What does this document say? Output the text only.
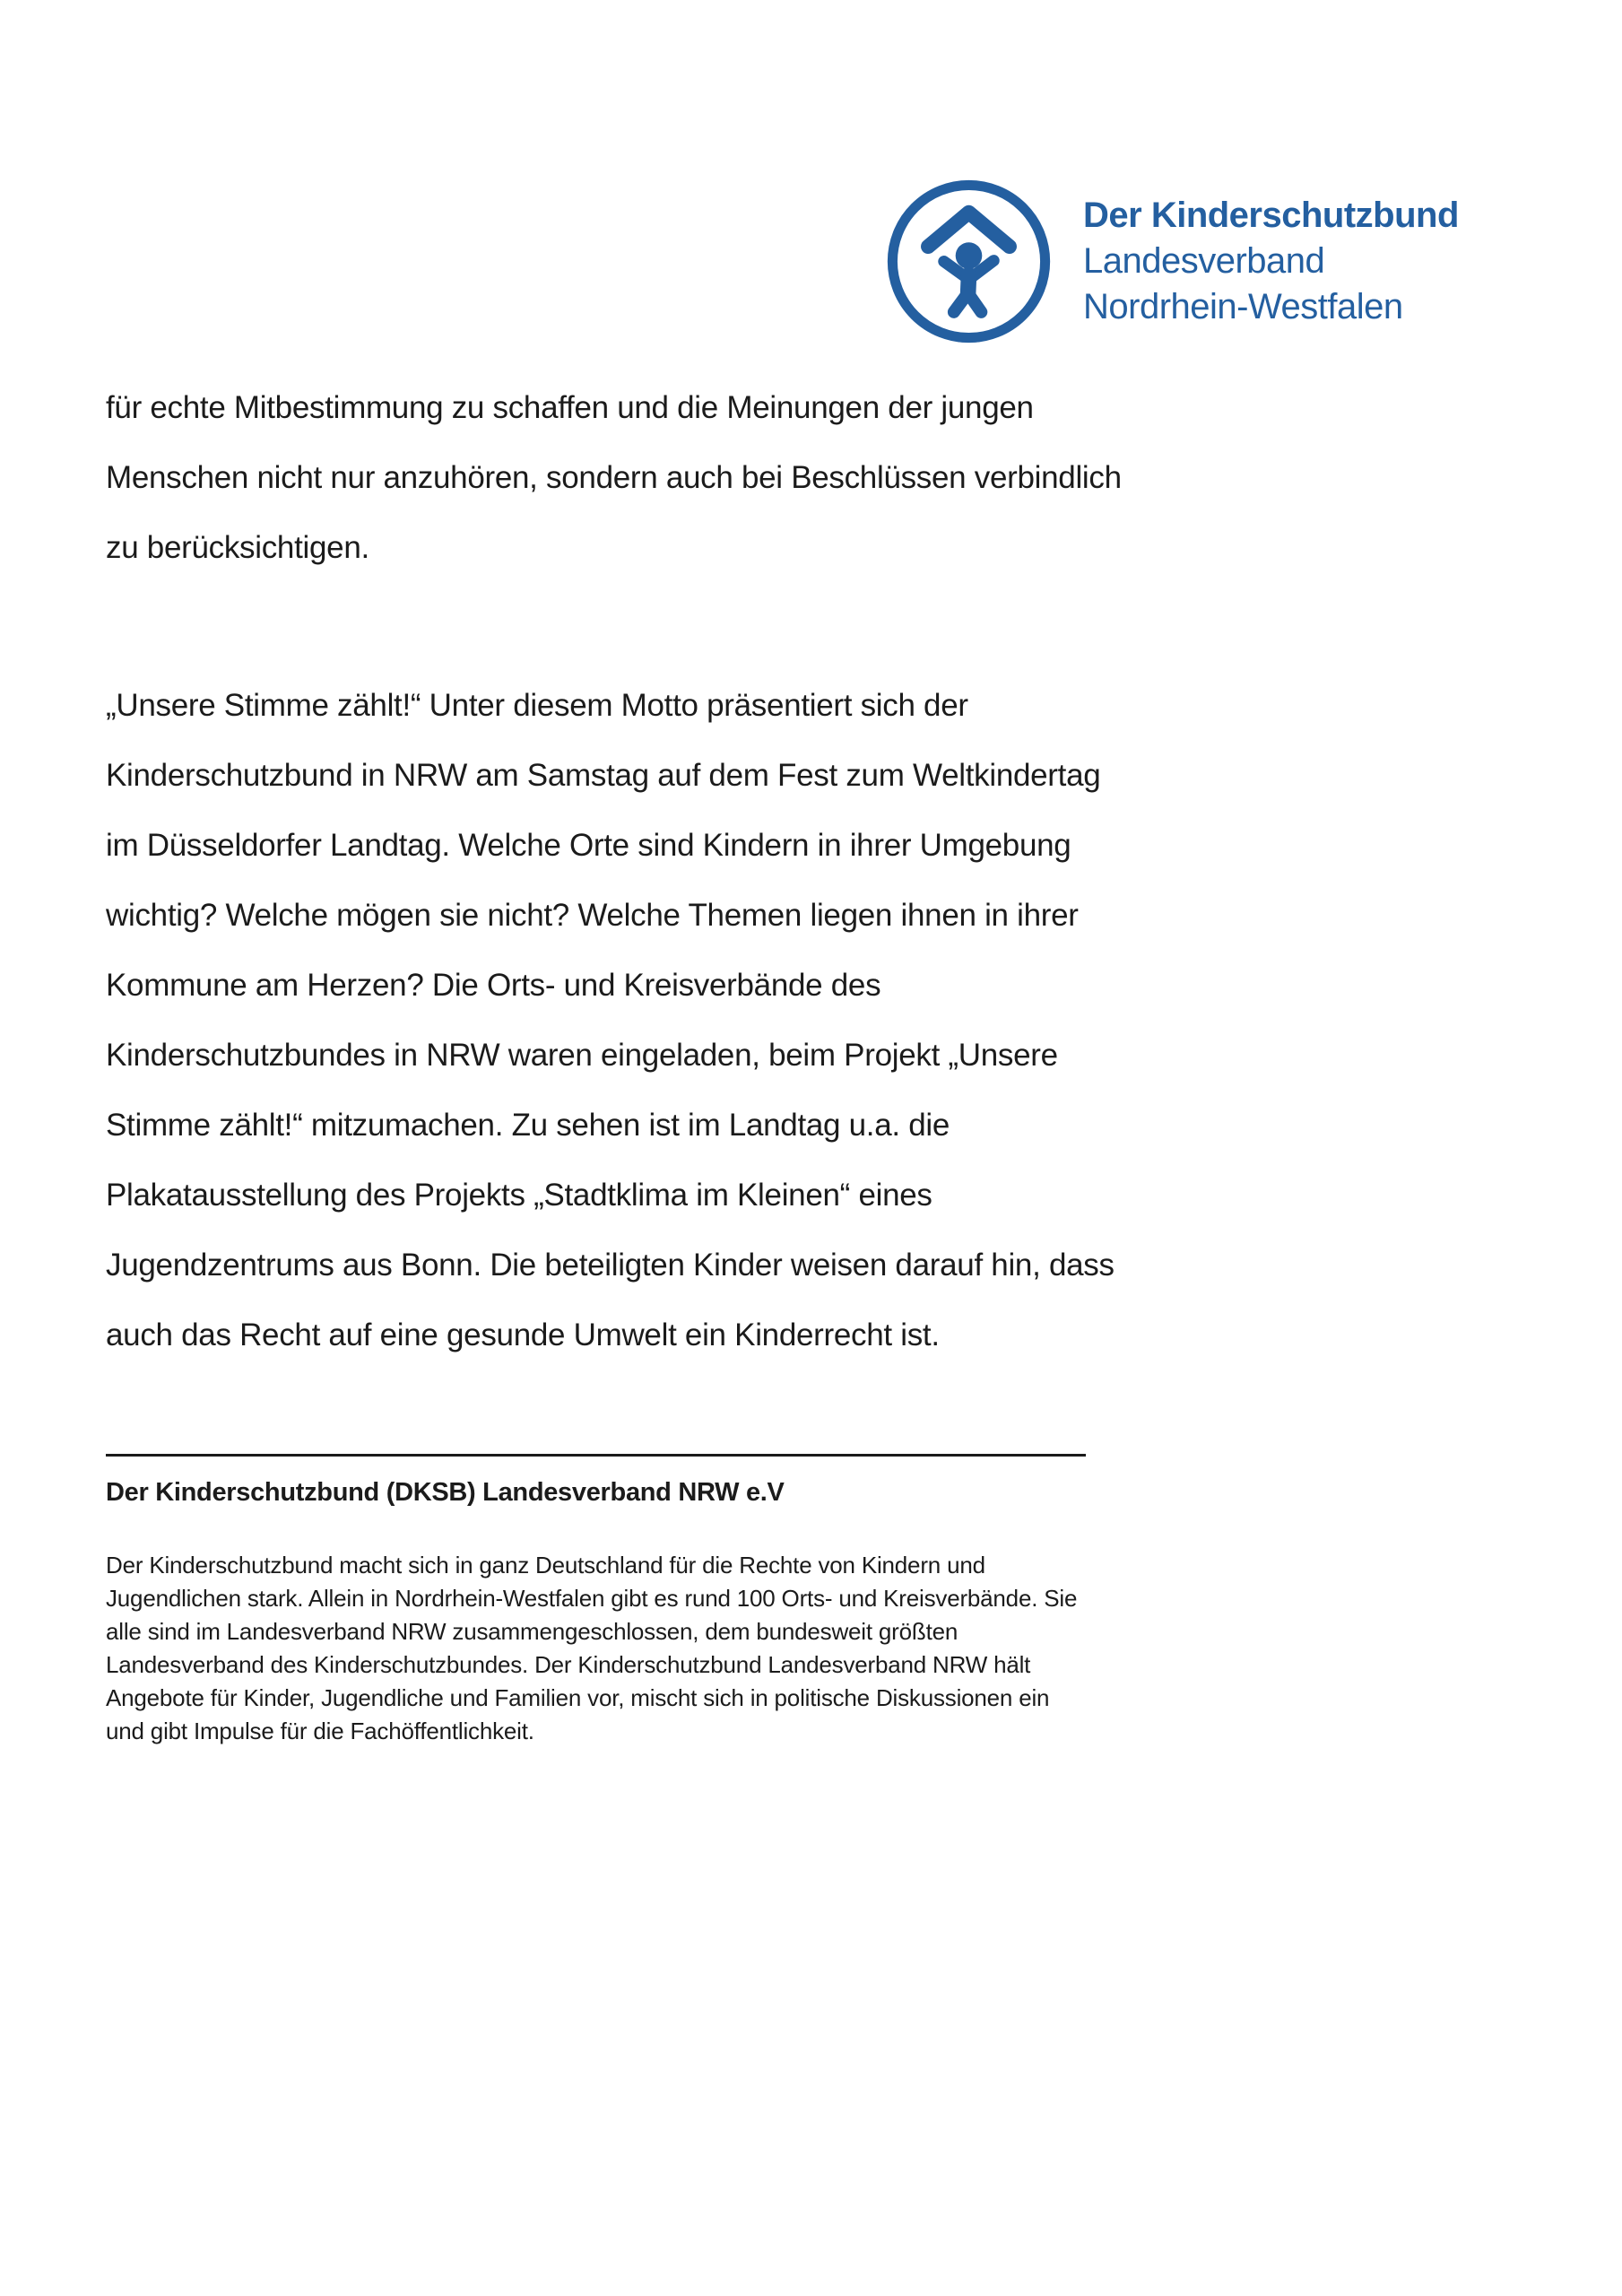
Der Kinderschutzbund
Landesverband
Nordrhein-Westfalen
für echte Mitbestimmung zu schaffen und die Meinungen der jungen
Menschen nicht nur anzuhören, sondern auch bei Beschlüssen verbindlich
zu berücksichtigen.
„Unsere Stimme zählt!“ Unter diesem Motto präsentiert sich der
Kinderschutzbund in NRW am Samstag auf dem Fest zum Weltkindertag
im Düsseldorfer Landtag. Welche Orte sind Kindern in ihrer Umgebung
wichtig? Welche mögen sie nicht? Welche Themen liegen ihnen in ihrer
Kommune am Herzen? Die Orts- und Kreisverbände des
Kinderschutzbundes in NRW waren eingeladen, beim Projekt „Unsere
Stimme zählt!“ mitzumachen. Zu sehen ist im Landtag u.a. die
Plakatausstellung des Projekts „Stadtklima im Kleinen“ eines
Jugendzentrums aus Bonn. Die beteiligten Kinder weisen darauf hin, dass
auch das Recht auf eine gesunde Umwelt ein Kinderrecht ist.
Der Kinderschutzbund (DKSB) Landesverband NRW e.V
Der Kinderschutzbund macht sich in ganz Deutschland für die Rechte von Kindern und
Jugendlichen stark. Allein in Nordrhein-Westfalen gibt es rund 100 Orts- und Kreisverbände. Sie
alle sind im Landesverband NRW zusammengeschlossen, dem bundesweit größten
Landesverband des Kinderschutzbundes. Der Kinderschutzbund Landesverband NRW hält
Angebote für Kinder, Jugendliche und Familien vor, mischt sich in politische Diskussionen ein
und gibt Impulse für die Fachöffentlichkeit.
